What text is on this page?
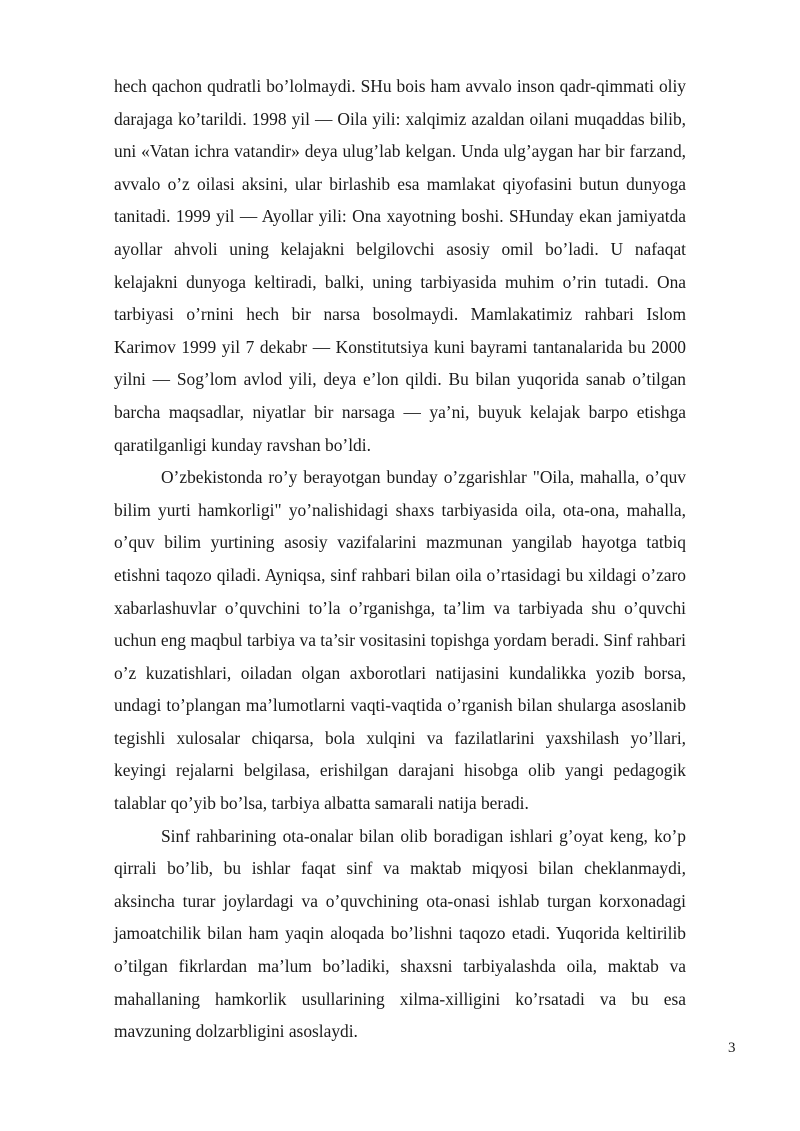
hech qachon qudratli bo’lolmaydi. SHu bois ham avvalo inson qadr-qimmati oliy darajaga ko’tarildi. 1998 yil — Oila yili: xalqimiz azaldan oilani muqaddas bilib, uni «Vatan ichra vatandir» deya ulug’lab kelgan. Unda ulg’aygan har bir farzand, avvalo o’z oilasi aksini, ular birlashib esa mamlakat qiyofasini butun dunyoga tanitadi. 1999 yil — Ayollar yili: Ona xayotning boshi. SHunday ekan jamiyatda ayollar ahvoli uning kelajakni belgilovchi asosiy omil bo’ladi. U nafaqat kelajakni dunyoga keltiradi, balki, uning tarbiyasida muhim o’rin tutadi. Ona tarbiyasi o’rnini hech bir narsa bosolmaydi. Mamlakatimiz rahbari Islom Karimov 1999 yil 7 dekabr — Konstitutsiya kuni bayrami tantanalarida bu 2000 yilni — Sog’lom avlod yili, deya e’lon qildi. Bu bilan yuqorida sanab o’tilgan barcha maqsadlar, niyatlar bir narsaga — ya’ni, buyuk kelajak barpo etishga qaratilganligi kunday ravshan bo’ldi.

O’zbekistonda ro’y berayotgan bunday o’zgarishlar "Oila, mahalla, o’quv bilim yurti hamkorligi" yo’nalishidagi shaxs tarbiyasida oila, ota-ona, mahalla, o’quv bilim yurtining asosiy vazifalarini mazmunan yangilab hayotga tatbiq etishni taqozo qiladi. Ayniqsa, sinf rahbari bilan oila o’rtasidagi bu xildagi o’zaro xabarlashuvlar o’quvchini to’la o’rganishga, ta’lim va tarbiyada shu o’quvchi uchun eng maqbul tarbiya va ta’sir vositasini topishga yordam beradi. Sinf rahbari o’z kuzatishlari, oiladan olgan axborotlari natijasini kundalikka yozib borsa, undagi to’plangan ma’lumotlarni vaqti-vaqtida o’rganish bilan shularga asoslanib tegishli xulosalar chiqarsa, bola xulqini va fazilatlarini yaxshilash yo’llari, keyingi rejalarni belgilasa, erishilgan darajani hisobga olib yangi pedagogik talablar qo’yib bo’lsa, tarbiya albatta samarali natija beradi.

Sinf rahbarining ota-onalar bilan olib boradigan ishlari g’oyat keng, ko’p qirrali bo’lib, bu ishlar faqat sinf va maktab miqyosi bilan cheklanmaydi, aksincha turar joylardagi va o’quvchining ota-onasi ishlab turgan korxonadagi jamoatchilik bilan ham yaqin aloqada bo’lishni taqozo etadi. Yuqorida keltirilib o’tilgan fikrlardan ma’lum bo’ladiki, shaxsni tarbiyalashda oila, maktab va mahallaning hamkorlik usullarining xilma-xilligini ko’rsatadi va bu esa mavzuning dolzarbligini asoslaydi.

3
